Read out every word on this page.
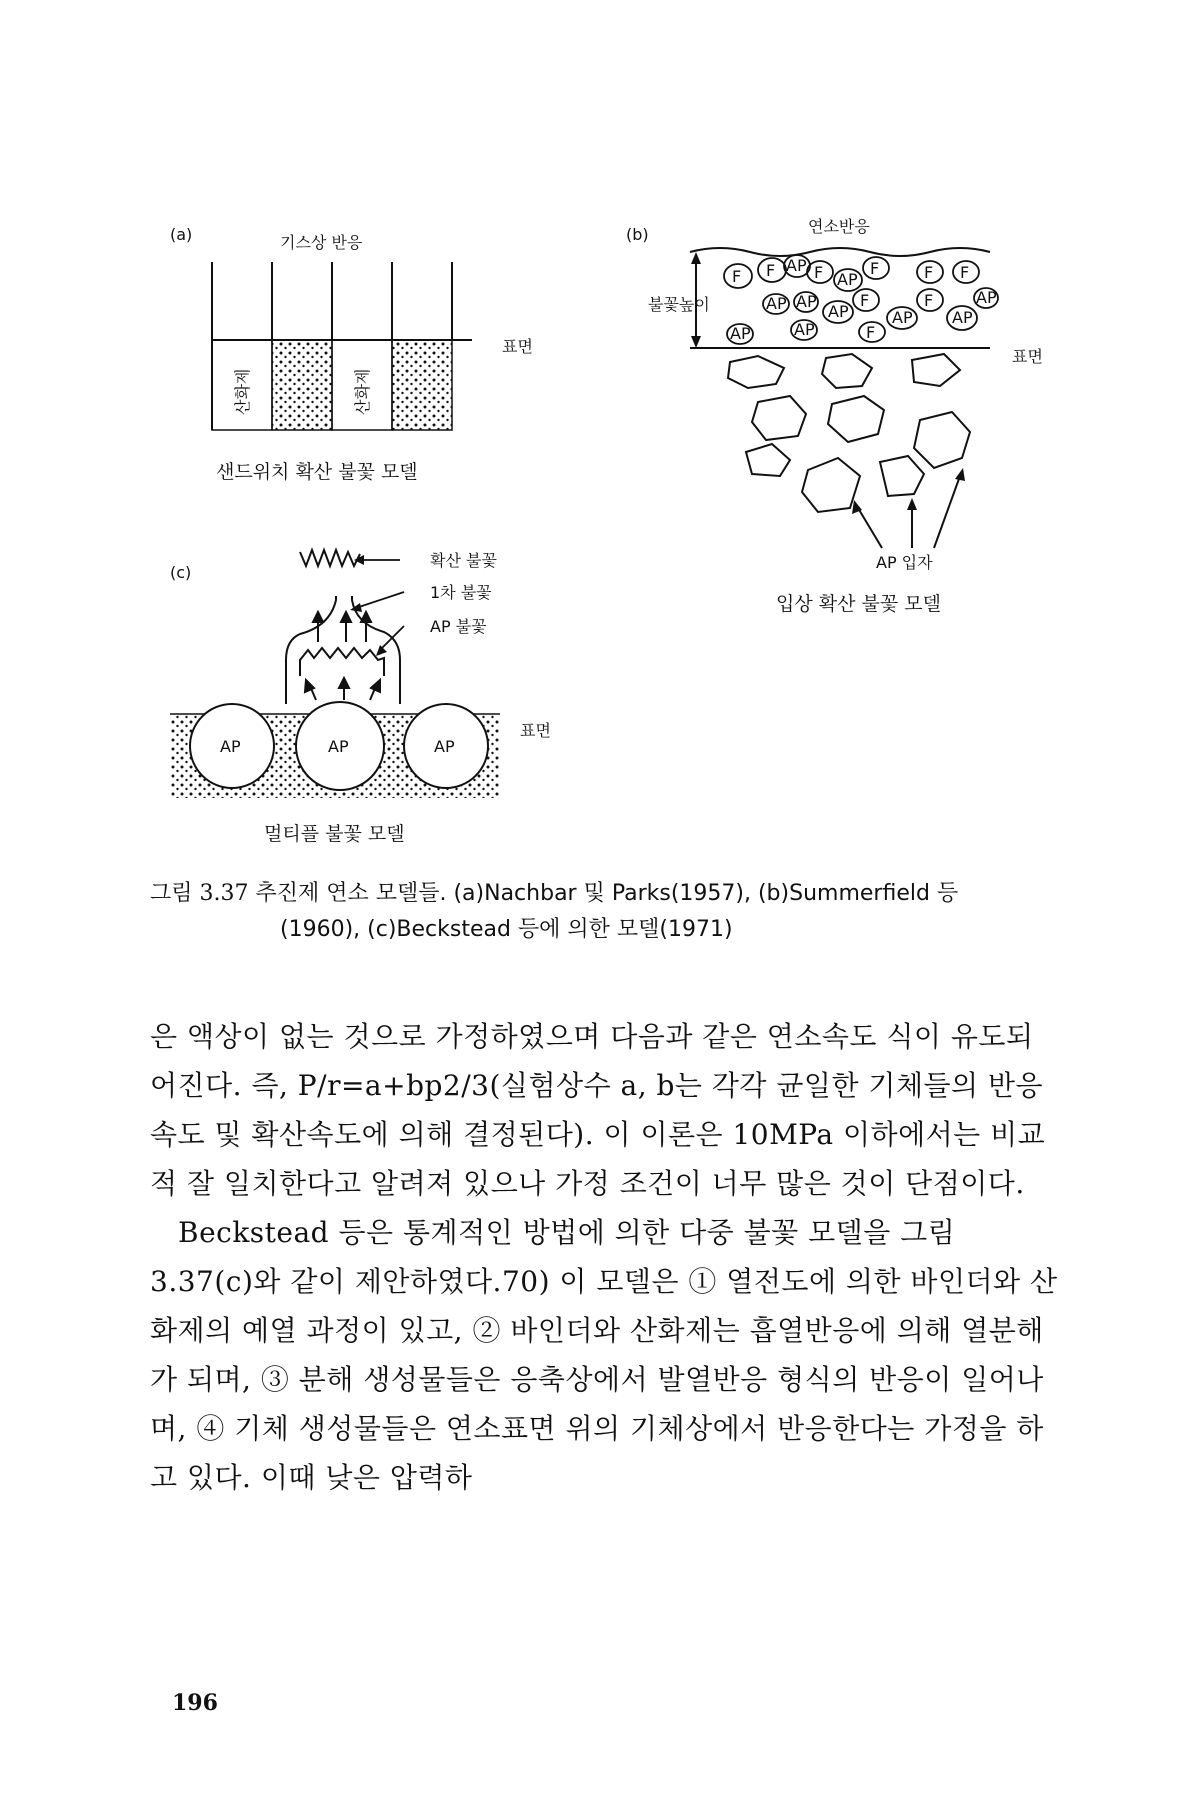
(a)	기스상 반응
산화제	산화제
표면
샌드위치 확산 불꽃 모델
(b)	연소반응
불꽃높이
표면
F F AP F AP
F	F F
AP AP
AP
F
AP
F
AP
AP	F
AP
AP
AP 입자
입상 확산 불꽃 모델
(c)
확산 불꽃
1차 불꽃
AP 불꽃
표면
AP	AP	AP
멀티플 불꽃 모델
그림 3.37 추진제 연소 모델들. (a)Nachbar 및 Parks(1957), (b)Summerfield 등
(1960), (c)Beckstead 등에 의한 모델(1971)

은 액상이 없는 것으로 가정하였으며 다음과 같은 연소속도 식이 유도되어진다. 즉, P/r=a+bp2/3(실험상수 a, b는 각각 균일한 기체들의 반응속도 및 확산속도에 의해 결정된다). 이 이론은 10MPa 이하에서는 비교적 잘 일치한다고 알려져 있으나 가정 조건이 너무 많은 것이 단점이다.

Beckstead 등은 통계적인 방법에 의한 다중 불꽃 모델을 그림 3.37(c)와 같이 제안하였다.70) 이 모델은 ① 열전도에 의한 바인더와 산화제의 예열 과정이 있고, ② 바인더와 산화제는 흡열반응에 의해 열분해가 되며, ③ 분해 생성물들은 응축상에서 발열반응 형식의 반응이 일어나며, ④ 기체 생성물들은 연소표면 위의 기체상에서 반응한다는 가정을 하고 있다. 이때 낮은 압력하

196
